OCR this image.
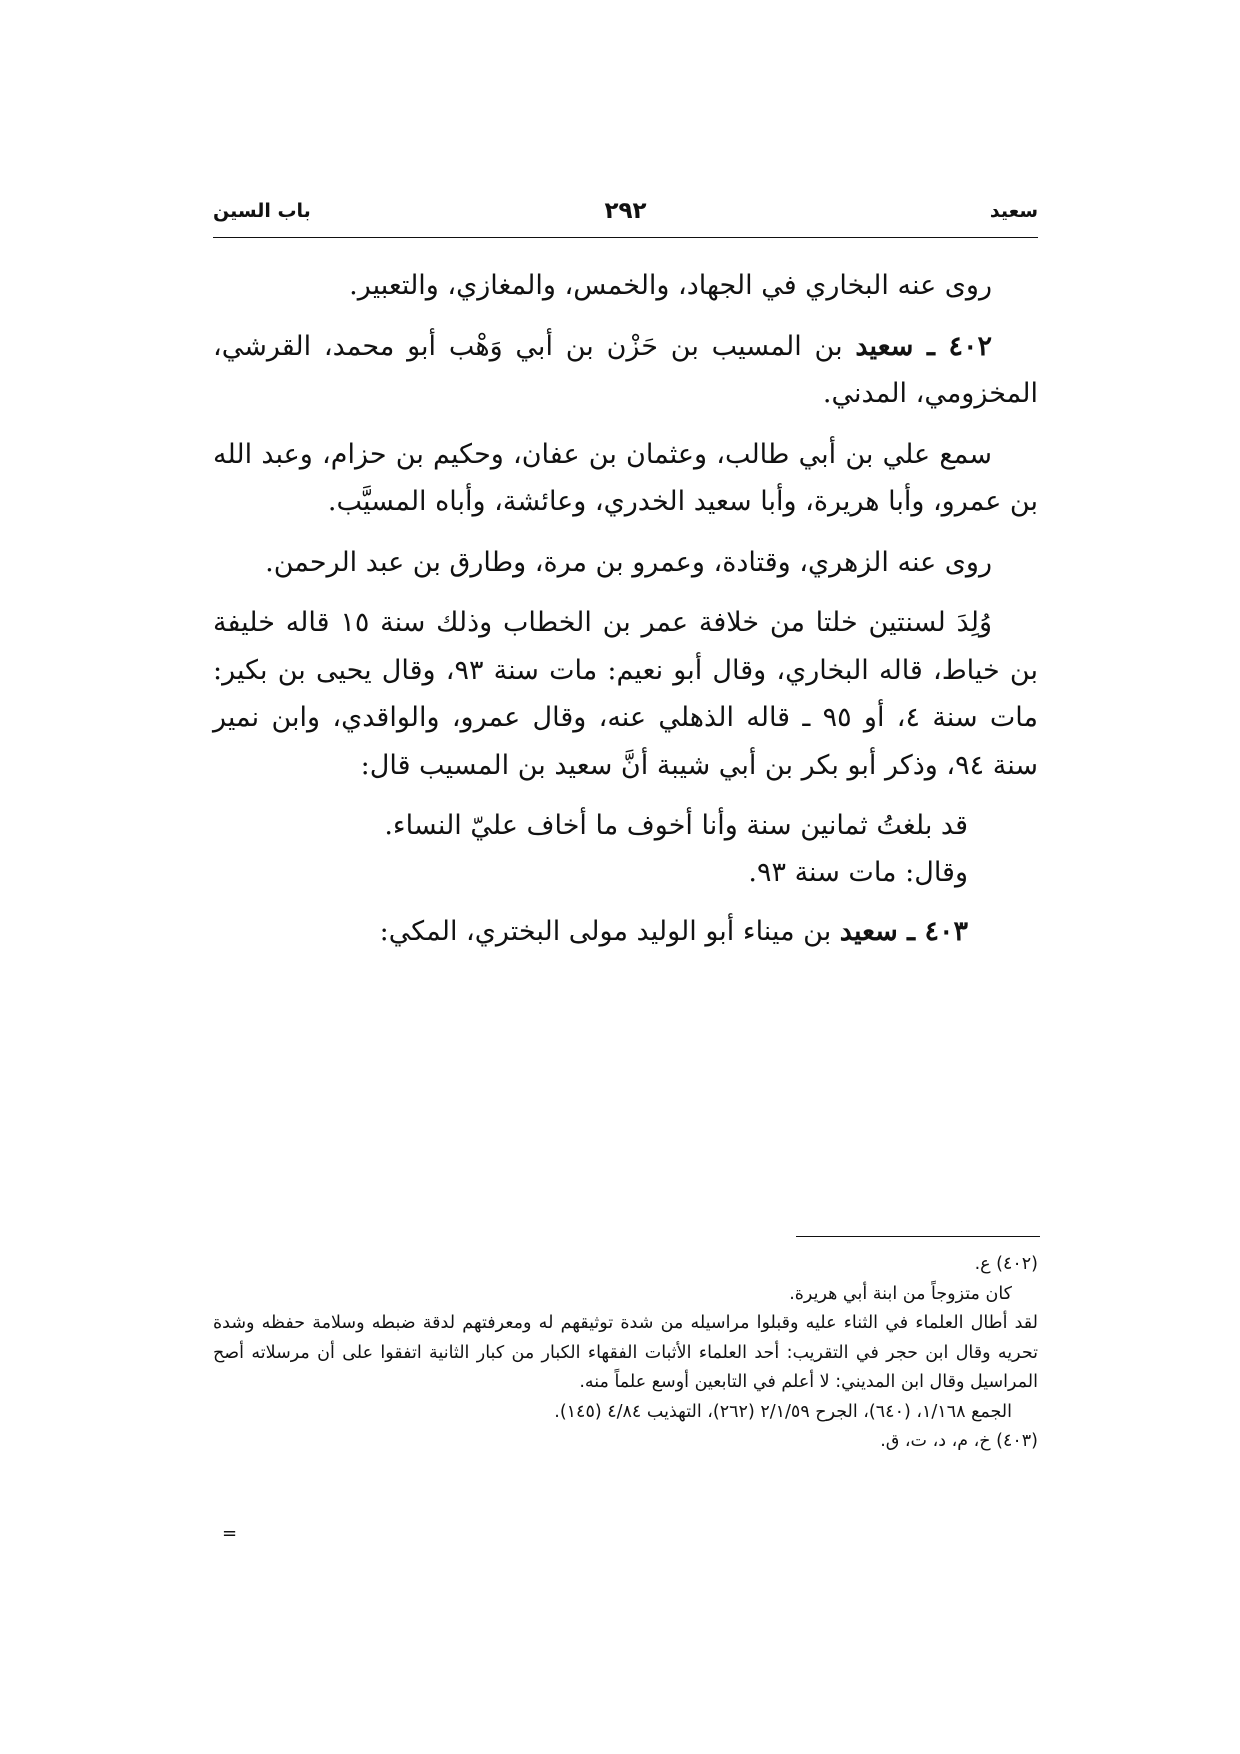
سعيد
٢٩٢
باب السين

روى عنه البخاري في الجهاد، والخمس، والمغازي، والتعبير.

٤٠٢ ـ سعيد بن المسيب بن حَزْن بن أبي وَهْب أبو محمد، القرشي، المخزومي، المدني.

سمع علي بن أبي طالب، وعثمان بن عفان، وحكيم بن حزام، وعبد الله بن عمرو، وأبا هريرة، وأبا سعيد الخدري، وعائشة، وأباه المسيَّب.

روى عنه الزهري، وقتادة، وعمرو بن مرة، وطارق بن عبد الرحمن.

وُلِدَ لسنتين خلتا من خلافة عمر بن الخطاب وذلك سنة ١٥ قاله خليفة بن خياط، قاله البخاري، وقال أبو نعيم: مات سنة ٩٣، وقال يحيى بن بكير: مات سنة ٤، أو ٩٥ ـ قاله الذهلي عنه، وقال عمرو، والواقدي، وابن نمير سنة ٩٤، وذكر أبو بكر بن أبي شيبة أنَّ سعيد بن المسيب قال:

قد بلغتُ ثمانين سنة وأنا أخوف ما أخاف عليّ النساء.
وقال: مات سنة ٩٣.

٤٠٣ ـ سعيد بن ميناء أبو الوليد مولى البختري، المكي:

(٤٠٢) ع.

كان متزوجاً من ابنة أبي هريرة.

لقد أطال العلماء في الثناء عليه وقبلوا مراسيله من شدة توثيقهم له ومعرفتهم لدقة ضبطه وسلامة حفظه وشدة تحريه وقال ابن حجر في التقريب: أحد العلماء الأثبات الفقهاء الكبار من كبار الثانية اتفقوا على أن مرسلاته أصح المراسيل وقال ابن المديني: لا أعلم في التابعين أوسع علماً منه.

الجمع ١/١٦٨، (٦٤٠)، الجرح ٢/١/٥٩ (٢٦٢)، التهذيب ٤/٨٤ (١٤٥).

(٤٠٣) خ، م، د، ت، ق.

=
